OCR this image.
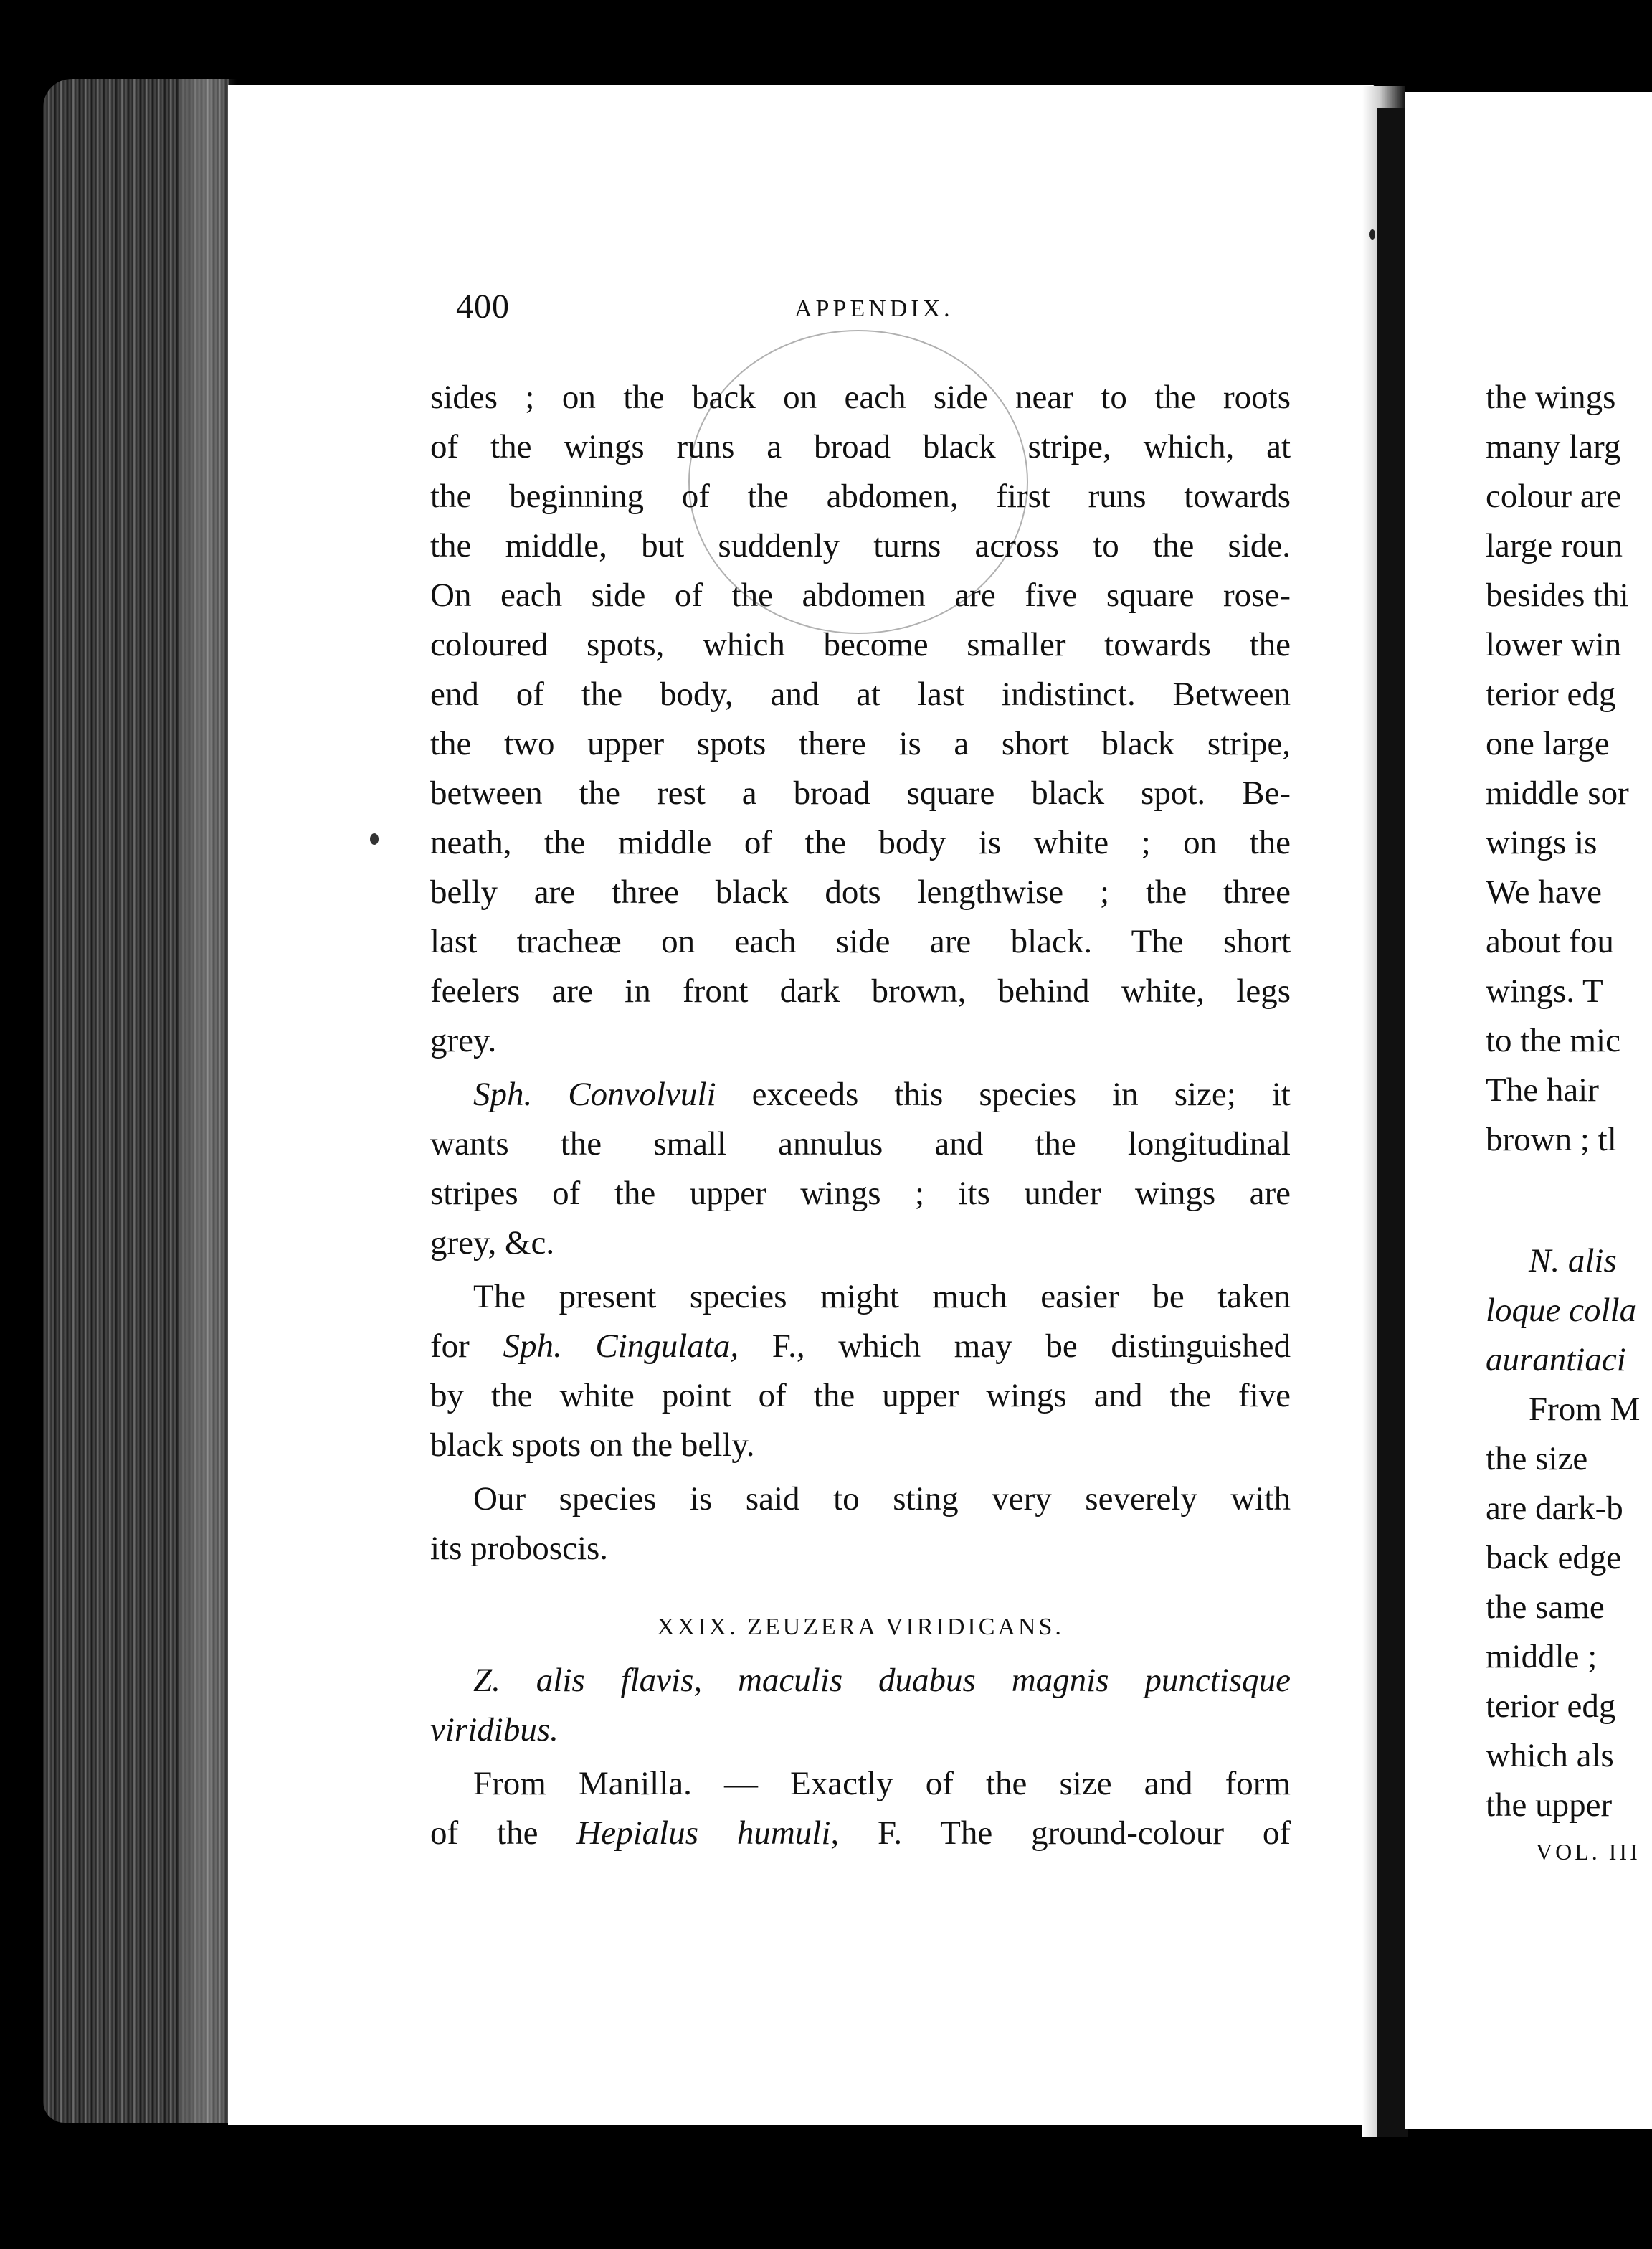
400	APPENDIX.
sides ; on the back on each side near to the roots
of the wings runs a broad black stripe, which, at
the beginning of the abdomen, first runs towards
the middle, but suddenly turns across to the side.
On each side of the abdomen are five square rose-
coloured spots, which become smaller towards the
end of the body, and at last indistinct. Between
the two upper spots there is a short black stripe,
between the rest a broad square black spot. Be-
neath, the middle of the body is white ; on the
belly are three black dots lengthwise ; the three
last tracheæ on each side are black. The short
feelers are in front dark brown, behind white, legs
grey.
Sph. Convolvuli exceeds this species in size; it
wants the small annulus and the longitudinal
stripes of the upper wings ; its under wings are
grey, &c.
The present species might much easier be taken
for Sph. Cingulata, F., which may be distinguished
by the white point of the upper wings and the five
black spots on the belly.
Our species is said to sting very severely with
its proboscis.
XXIX. ZEUZERA VIRIDICANS.
Z. alis flavis, maculis duabus magnis punctisque
viridibus.
From Manilla. — Exactly of the size and form
of the Hepialus humuli, F. The ground-colour of
the wings
many larg
colour are
large roun
besides thi
lower win
terior edg
one large
middle sor
wings is
We have
about fou
wings. T
to the mic
The hair
brown ; tl
N. alis
loque colla
aurantiaci
From M
the size
are dark-b
back edge
the same
middle ;
terior edg
which als
the upper
VOL. III
